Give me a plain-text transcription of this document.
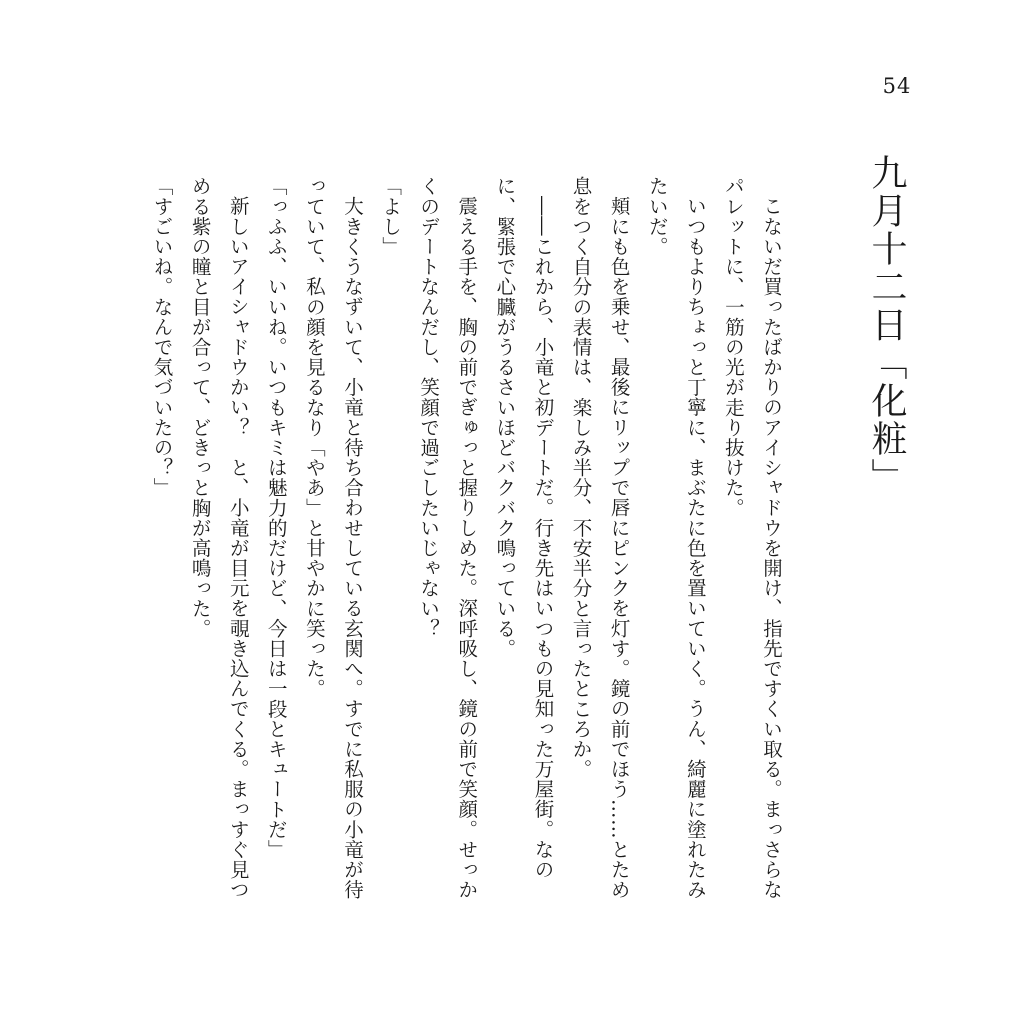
54
九月十二日「化粧」

こないだ買ったばかりのアイシャドウを開け、指先ですくい取る。まっさらなパレットに、一筋の光が走り抜けた。

いつもよりちょっと丁寧に、まぶたに色を置いていく。うん、綺麗に塗れたみたいだ。

頬にも色を乗せ、最後にリップで唇にピンクを灯す。鏡の前でほう……とため息をつく自分の表情は、楽しみ半分、不安半分と言ったところか。

――これから、小竜と初デートだ。行き先はいつもの見知った万屋街。なのに、緊張で心臓がうるさいほどバクバク鳴っている。

震える手を、胸の前でぎゅっと握りしめた。深呼吸し、鏡の前で笑顔。せっかくのデートなんだし、笑顔で過ごしたいじゃない？

「よし」

大きくうなずいて、小竜と待ち合わせしている玄関へ。すでに私服の小竜が待っていて、私の顔を見るなり「やあ」と甘やかに笑った。

「っふふ、いいね。いつもキミは魅力的だけど、今日は一段とキュートだ」

新しいアイシャドウかい？　と、小竜が目元を覗き込んでくる。まっすぐ見つめる紫の瞳と目が合って、どきっと胸が高鳴った。

「すごいね。なんで気づいたの？」
